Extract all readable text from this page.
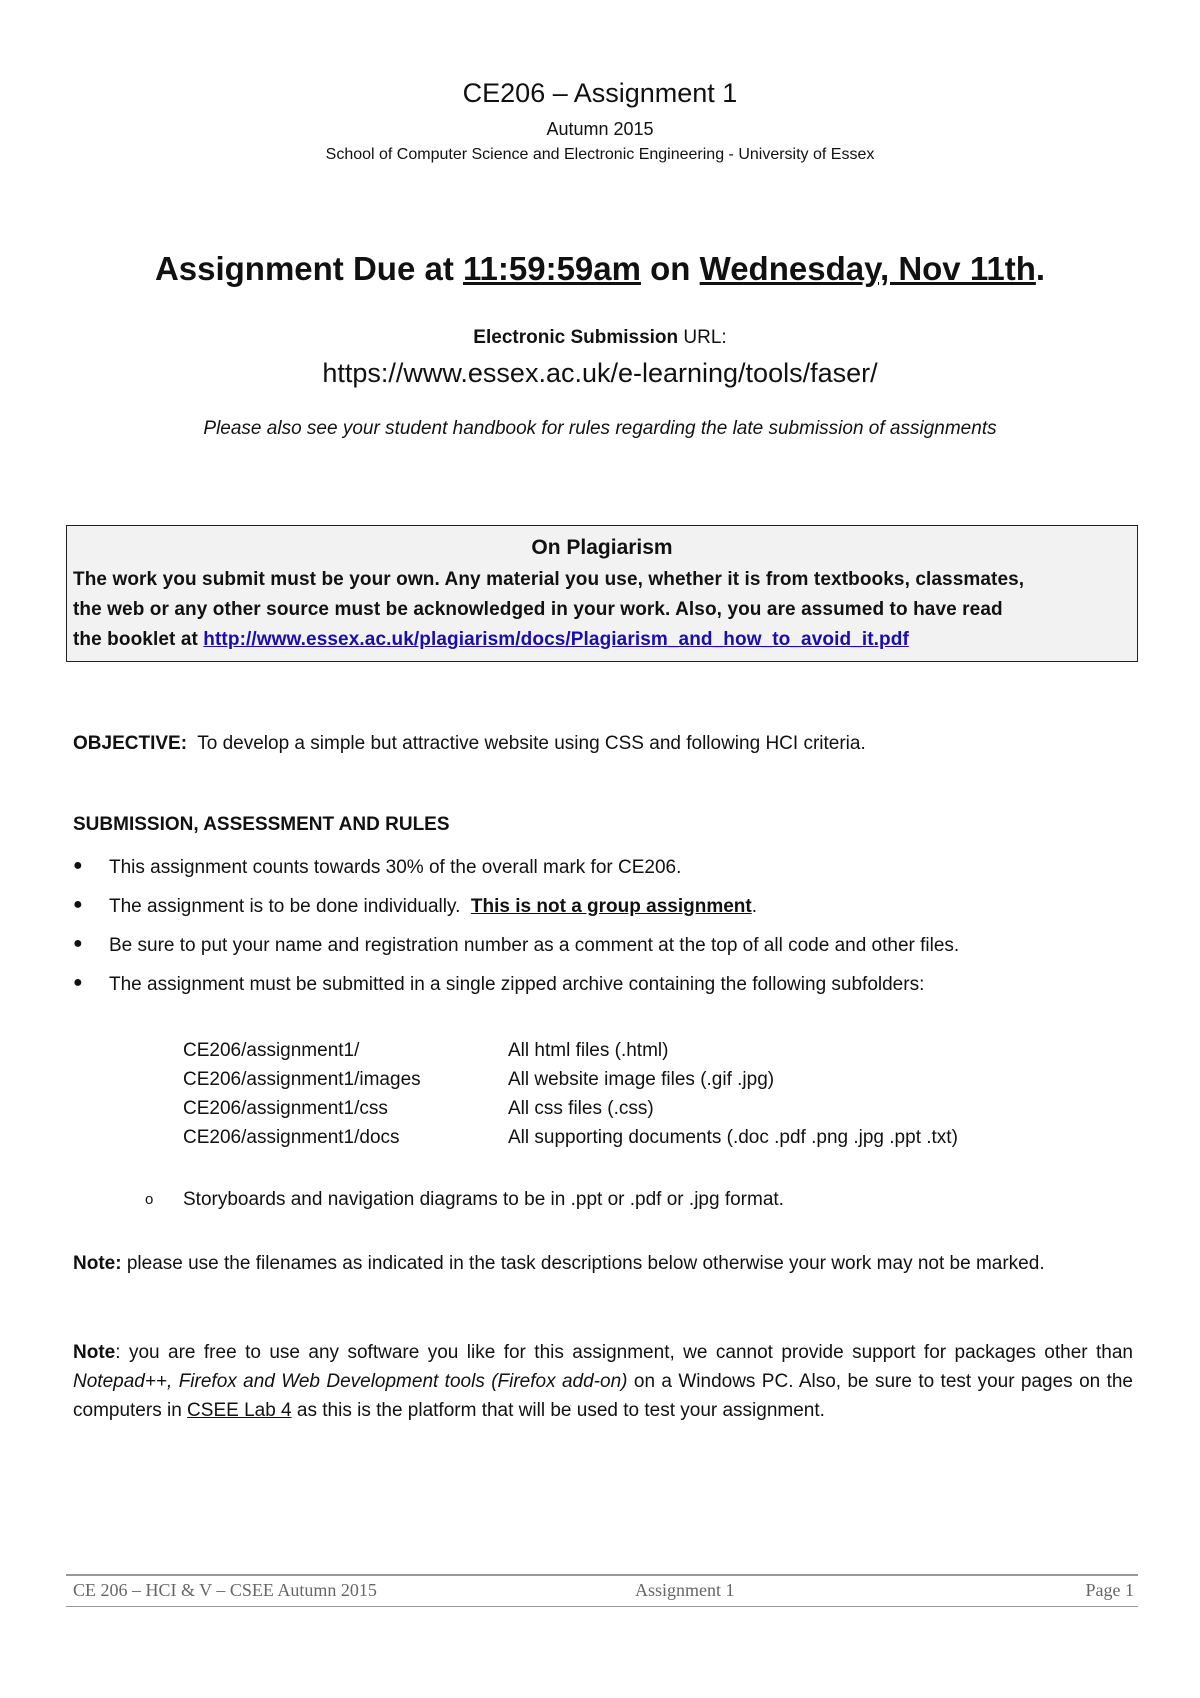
CE206 – Assignment 1
Autumn 2015
School of Computer Science and Electronic Engineering - University of Essex
Assignment Due at 11:59:59am on Wednesday, Nov 11th.
Electronic Submission URL:
https://www.essex.ac.uk/e-learning/tools/faser/
Please also see your student handbook for rules regarding the late submission of assignments
On Plagiarism
The work you submit must be your own. Any material you use, whether it is from textbooks, classmates,
the web or any other source must be acknowledged in your work. Also, you are assumed to have read
the booklet at http://www.essex.ac.uk/plagiarism/docs/Plagiarism_and_how_to_avoid_it.pdf
OBJECTIVE:  To develop a simple but attractive website using CSS and following HCI criteria.
SUBMISSION, ASSESSMENT AND RULES
● This assignment counts towards 30% of the overall mark for CE206.
● The assignment is to be done individually.  This is not a group assignment.
● Be sure to put your name and registration number as a comment at the top of all code and other files.
● The assignment must be submitted in a single zipped archive containing the following subfolders:
CE206/assignment1/	All html files (.html)
CE206/assignment1/images	All website image files (.gif .jpg)
CE206/assignment1/css	All css files (.css)
CE206/assignment1/docs	All supporting documents (.doc .pdf .png .jpg .ppt .txt)
o Storyboards and navigation diagrams to be in .ppt or .pdf or .jpg format.
Note: please use the filenames as indicated in the task descriptions below otherwise your work may not be marked.
Note: you are free to use any software you like for this assignment, we cannot provide support for packages other than Notepad++, Firefox and Web Development tools (Firefox add-on) on a Windows PC. Also, be sure to test your pages on the computers in CSEE Lab 4 as this is the platform that will be used to test your assignment.
CE 206 – HCI & V – CSEE Autumn 2015	Assignment 1	Page 1
